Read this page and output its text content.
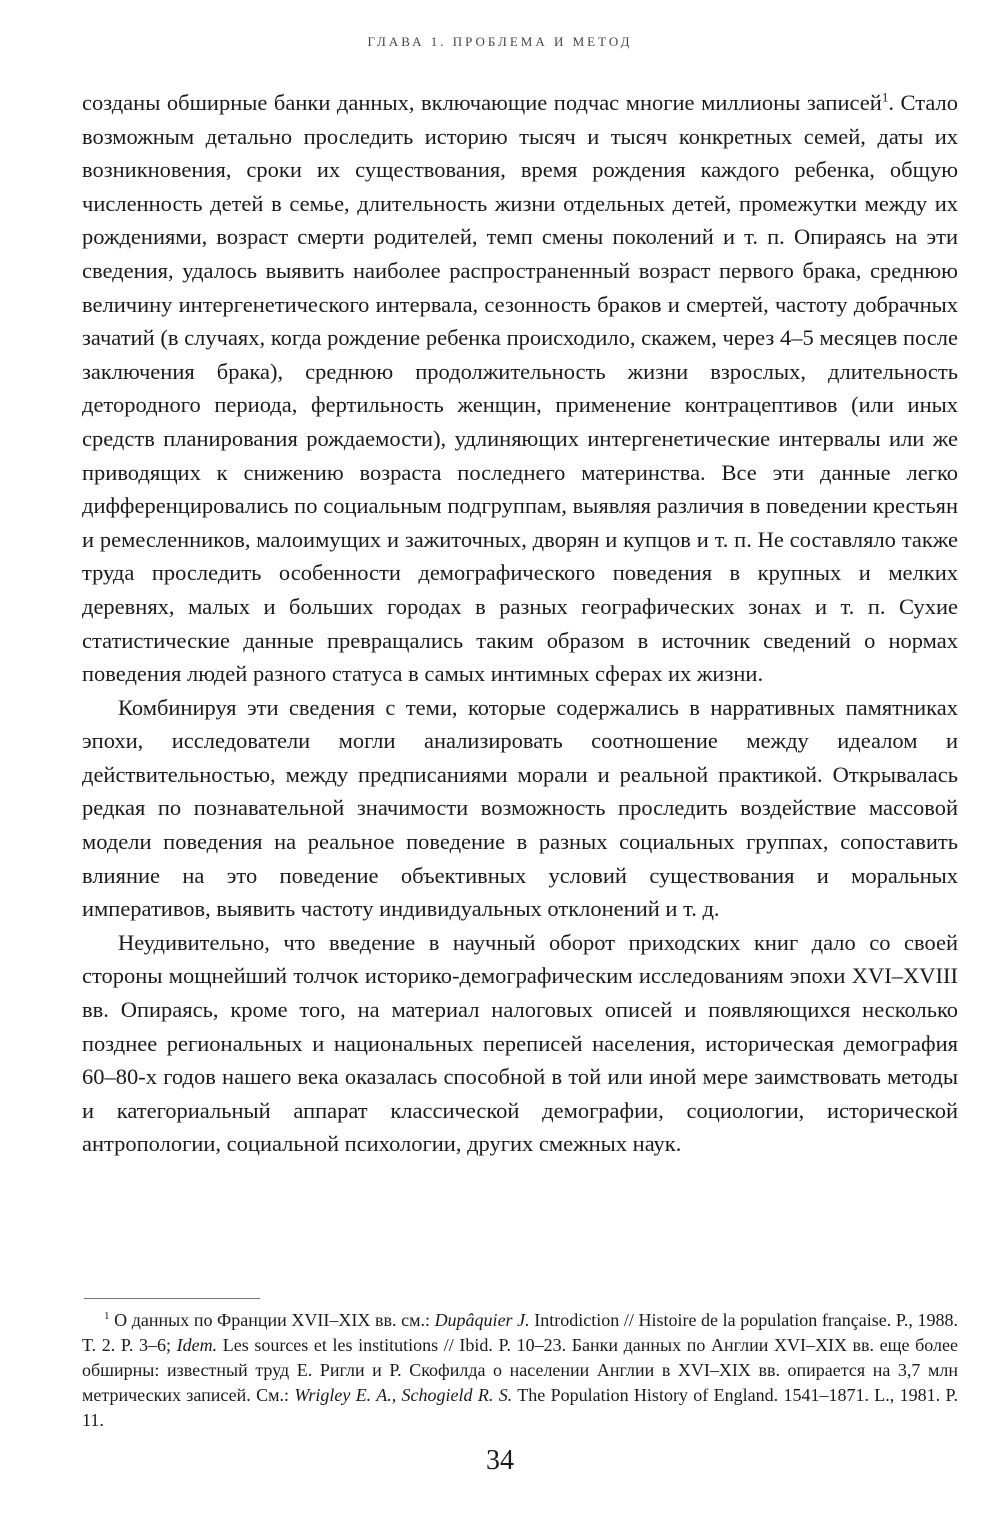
ГЛАВА 1. ПРОБЛЕМА И МЕТОД

созданы обширные банки данных, включающие подчас многие миллионы записей$^1$. Стало возможным детально проследить историю тысяч и тысяч конкретных семей, даты их возникновения, сроки их существования, время рождения каждого ребенка, общую численность детей в семье, длительность жизни отдельных детей, промежутки между их рождениями, возраст смерти родителей, темп смены поколений и т. п. Опираясь на эти сведения, удалось выявить наиболее распространенный возраст первого брака, среднюю величину интергенетического интервала, сезонность браков и смертей, частоту добрачных зачатий (в случаях, когда рождение ребенка происходило, скажем, через 4–5 месяцев после заключения брака), среднюю продолжительность жизни взрослых, длительность детородного периода, фертильность женщин, применение контрацептивов (или иных средств планирования рождаемости), удлиняющих интергенетические интервалы или же приводящих к снижению возраста последнего материнства. Все эти данные легко дифференцировались по социальным подгруппам, выявляя различия в поведении крестьян и ремесленников, малоимущих и зажиточных, дворян и купцов и т. п. Не составляло также труда проследить особенности демографического поведения в крупных и мелких деревнях, малых и больших городах в разных географических зонах и т. п. Сухие статистические данные превращались таким образом в источник сведений о нормах поведения людей разного статуса в самых интимных сферах их жизни.

Комбинируя эти сведения с теми, которые содержались в нарративных памятниках эпохи, исследователи могли анализировать соотношение между идеалом и действительностью, между предписаниями морали и реальной практикой. Открывалась редкая по познавательной значимости возможность проследить воздействие массовой модели поведения на реальное поведение в разных социальных группах, сопоставить влияние на это поведение объективных условий существования и моральных императивов, выявить частоту индивидуальных отклонений и т. д.

Неудивительно, что введение в научный оборот приходских книг дало со своей стороны мощнейший толчок историко-демографическим исследованиям эпохи XVI–XVIII вв. Опираясь, кроме того, на материал налоговых описей и появляющихся несколько позднее региональных и национальных переписей населения, историческая демография 60–80-х годов нашего века оказалась способной в той или иной мере заимствовать методы и категориальный аппарат классической демографии, социологии, исторической антропологии, социальной психологии, других смежных наук.

$^1$ О данных по Франции XVII–XIX вв. см.: Dupâquier J. Introdiction // Histoire de la population française. P., 1988. T. 2. P. 3–6; Idem. Les sources et les institutions // Ibid. P. 10–23. Банки данных по Англии XVI–XIX вв. еще более обширны: известный труд Е. Ригли и Р. Скофилда о населении Англии в XVI–XIX вв. опирается на 3,7 млн метрических записей. См.: Wrigley E. A., Schogield R. S. The Population History of England. 1541–1871. L., 1981. P. 11.

34
